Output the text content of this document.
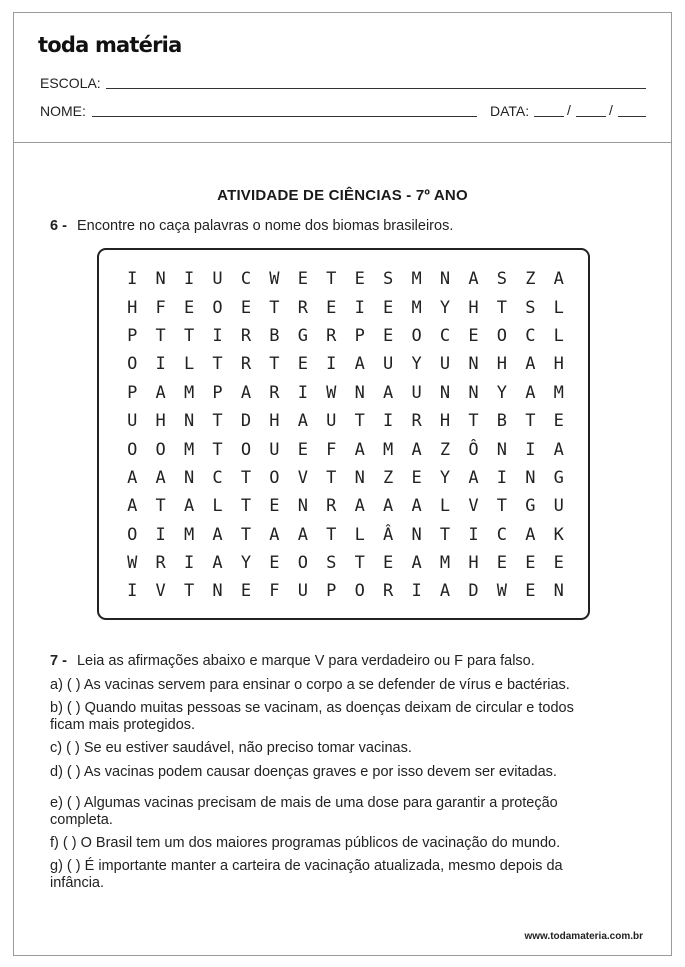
toda matéria
ESCOLA:
NOME:	DATA:	/	/
ATIVIDADE DE CIÊNCIAS - 7º ANO
6 - Encontre no caça palavras o nome dos biomas brasileiros.
I	N	I	U	C	W	E	T	E	S	M	N	A	S	Z	A
H	F	E	O	E	T	R	E	I	E	M	Y	H	T	S	L
P	T	T	I	R	B	G	R	P	E	O	C	E	O	C	L
O	I	L	T	R	T	E	I	A	U	Y	U	N	H	A	H
P	A	M	P	A	R	I	W	N	A	U	N	N	Y	A	M
U	H	N	T	D	H	A	U	T	I	R	H	T	B	T	E
O	O	M	T	O	U	E	F	A	M	A	Z	Ô	N	I	A
A	A	N	C	T	O	V	T	N	Z	E	Y	A	I	N	G
A	T	A	L	T	E	N	R	A	A	A	L	V	T	G	U
O	I	M	A	T	A	A	T	L	Â	N	T	I	C	A	K
W	R	I	A	Y	E	O	S	T	E	A	M	H	E	E	E
I	V	T	N	E	F	U	P	O	R	I	A	D	W	E	N
7 - Leia as afirmações abaixo e marque V para verdadeiro ou F para falso.
a) ( ) As vacinas servem para ensinar o corpo a se defender de vírus e bactérias.
b) ( ) Quando muitas pessoas se vacinam, as doenças deixam de circular e todos
ficam mais protegidos.
c) ( ) Se eu estiver saudável, não preciso tomar vacinas.
d) ( ) As vacinas podem causar doenças graves e por isso devem ser evitadas.
e) ( ) Algumas vacinas precisam de mais de uma dose para garantir a proteção
completa.
f) ( ) O Brasil tem um dos maiores programas públicos de vacinação do mundo.
g) ( ) É importante manter a carteira de vacinação atualizada, mesmo depois da
infância.
www.todamateria.com.br
